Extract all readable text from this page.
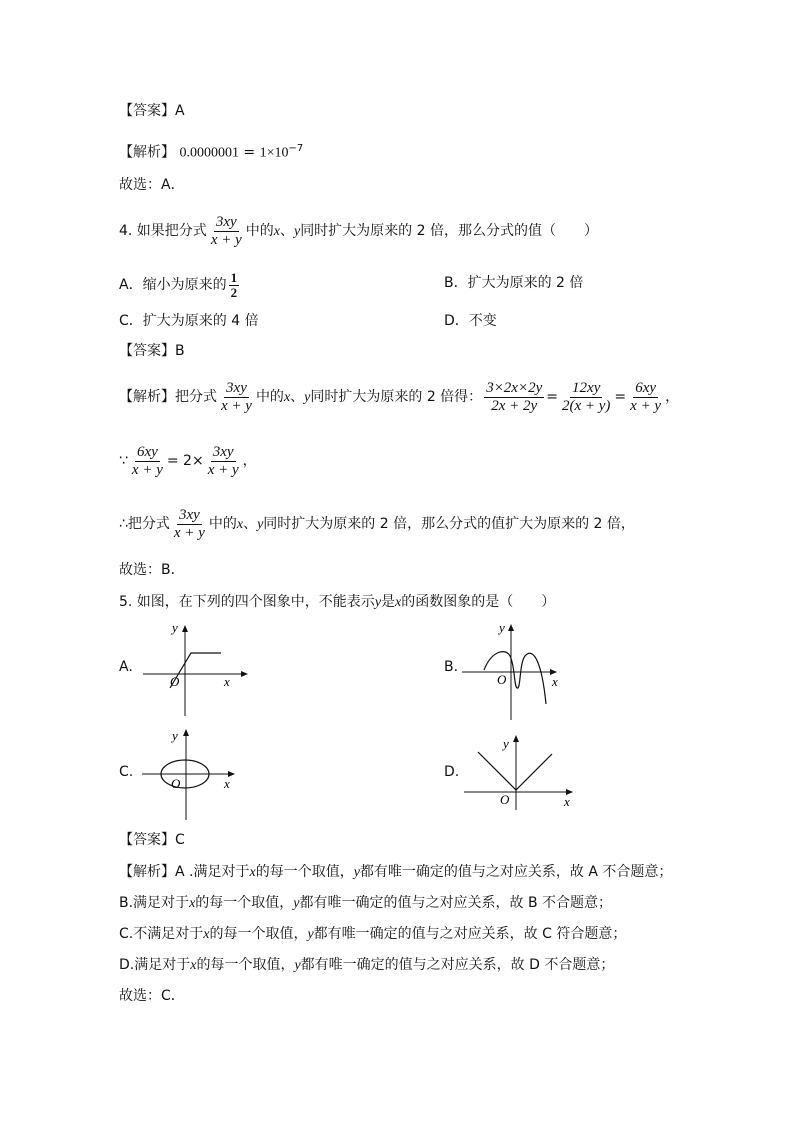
【答案】A
【解析】 $0.0000001 = 1\times 10^{-7}$
故选：A．
4. 如果把分式 $\frac{3xy}{x + y}$ 中的x、y同时扩大为原来的 2 倍，那么分式的值（　　）
A．缩小为原来的 $\frac{1}{2}$	B．扩大为原来的 2 倍
C．扩大为原来的 4 倍	D．不变
【答案】B
【解析】把分式 $\frac{3xy}{x + y}$ 中的x、y同时扩大为原来的 2 倍得： $\frac{3\times 2x\times 2y}{2x + 2y} = \frac{12xy}{2(x + y)} = \frac{6xy}{x + y}$ ，
∵ $\frac{6xy}{x + y} = 2\times \frac{3xy}{x + y}$ ，
∴把分式 $\frac{3xy}{x + y}$ 中的x、y同时扩大为原来的 2 倍，那么分式的值扩大为原来的 2 倍，
故选：B．
5. 如图，在下列的四个图象中，不能表示y是x的函数图象的是（　　）
A.	B.
C.	D.
y
x
O
y
x
O
y
x
O
y
x
O
【答案】C
【解析】A .满足对于x的每一个取值，y都有唯一确定的值与之对应关系，故 A 不合题意；
B.满足对于x的每一个取值，y都有唯一确定的值与之对应关系，故 B 不合题意；
C.不满足对于x的每一个取值，y都有唯一确定的值与之对应关系，故 C 符合题意；
D.满足对于x的每一个取值，y都有唯一确定的值与之对应关系，故 D 不合题意；
故选：C．
